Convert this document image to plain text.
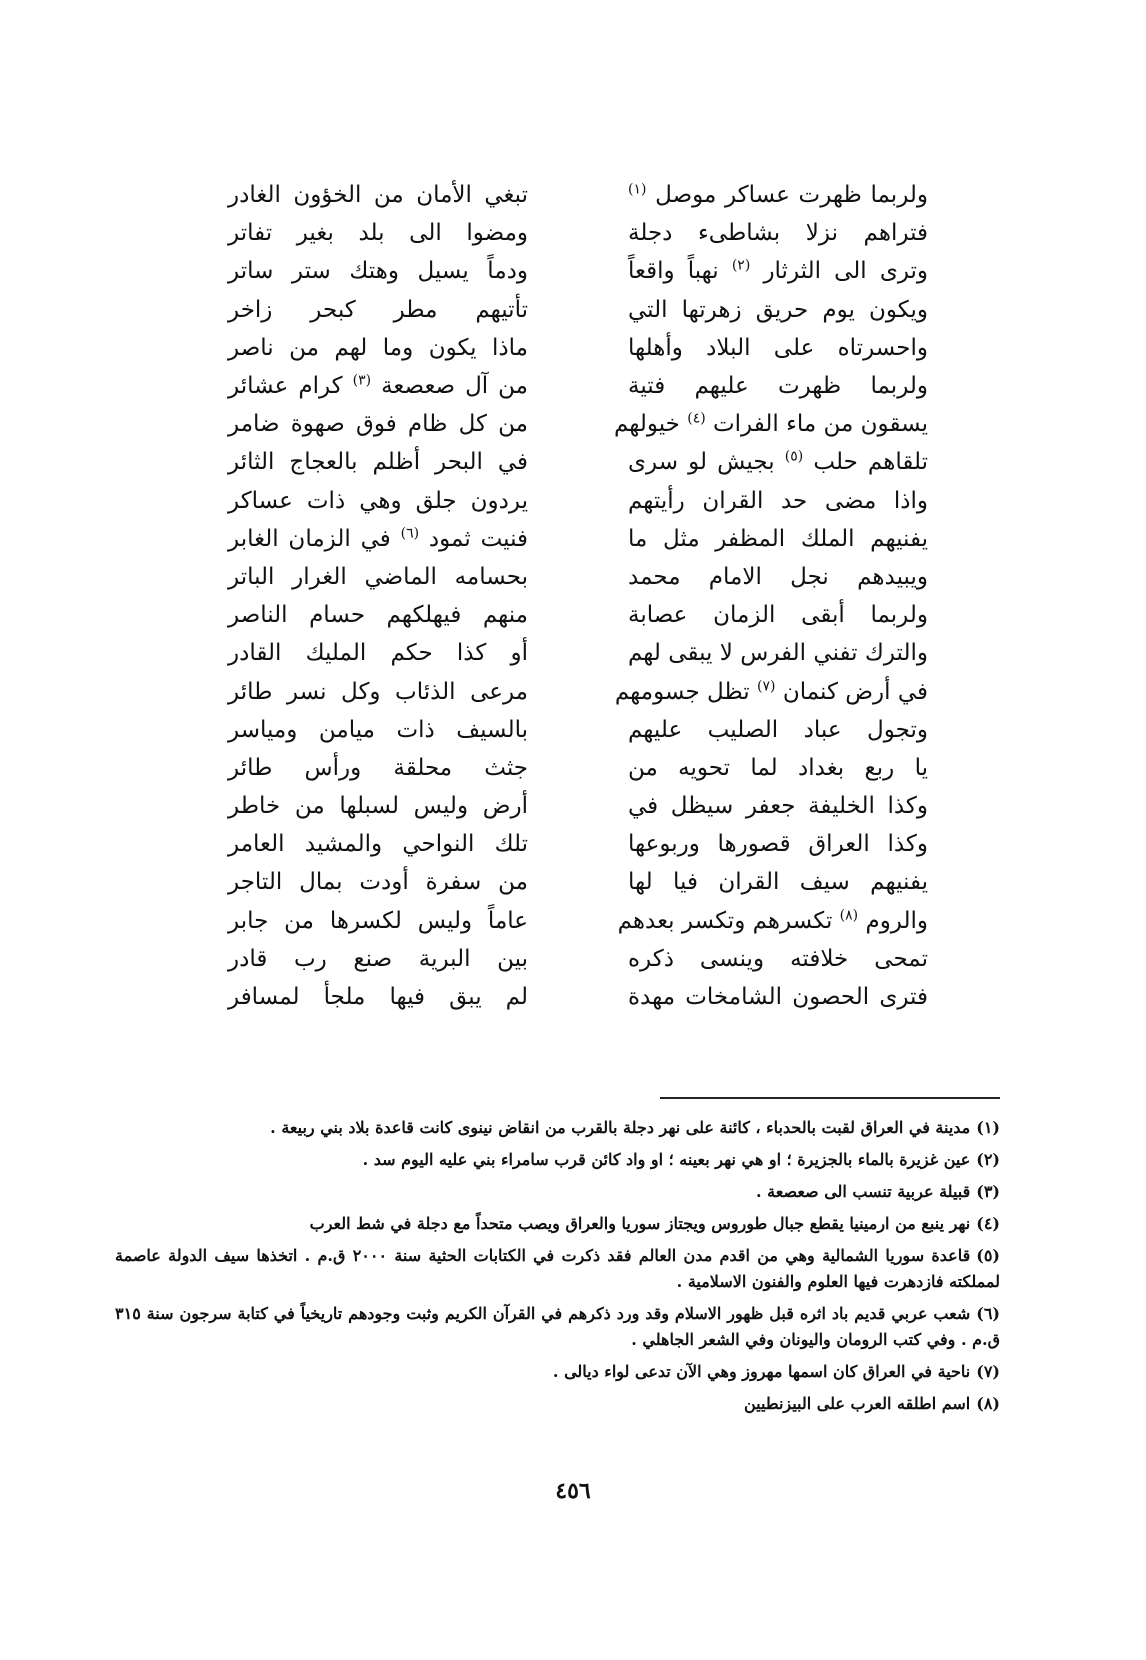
ولربما ظهرت عساكر موصل $^{(١)}$
تبغي الأمان من الخؤون الغادر
فتراهم نزلا بشاطىء دجلة
ومضوا الى بلد بغير تفاتر
وترى الى الثرثار $^{(٢)}$ نهباً واقعاً
ودماً يسيل وهتك ستر ساتر
ويكون يوم حريق زهرتها التي
تأتيهم مطر كبحر زاخر
واحسرتاه على البلاد وأهلها
ماذا يكون وما لهم من ناصر
ولربما ظهرت عليهم فتية
من آل صعصعة $^{(٣)}$ كرام عشائر
يسقون من ماء الفرات $^{(٤)}$ خيولهم
من كل ظام فوق صهوة ضامر
تلقاهم حلب $^{(٥)}$ بجيش لو سرى
في البحر أظلم بالعجاج الثائر
واذا مضى حد القران رأيتهم
يردون جلق وهي ذات عساكر
يفنيهم الملك المظفر مثل ما
فنيت ثمود $^{(٦)}$ في الزمان الغابر
ويبيدهم نجل الامام محمد
بحسامه الماضي الغرار الباتر
ولربما أبقى الزمان عصابة
منهم فيهلكهم حسام الناصر
والترك تفني الفرس لا يبقى لهم
أو كذا حكم المليك القادر
في أرض كنمان $^{(٧)}$ تظل جسومهم
مرعى الذئاب وكل نسر طائر
وتجول عباد الصليب عليهم
بالسيف ذات ميامن ومياسر
يا ربع بغداد لما تحويه من
جثث محلقة ورأس طائر
وكذا الخليفة جعفر سيظل في
أرض وليس لسبلها من خاطر
وكذا العراق قصورها وربوعها
تلك النواحي والمشيد العامر
يفنيهم سيف القران فيا لها
من سفرة أودت بمال التاجر
والروم $^{(٨)}$ تكسرهم وتكسر بعدهم
عاماً وليس لكسرها من جابر
تمحى خلافته وينسى ذكره
بين البرية صنع رب قادر
فترى الحصون الشامخات مهدة
لم يبق فيها ملجأ لمسافر

(١)مدينة في العراق لقبت بالحدباء ، كائنة على نهر دجلة بالقرب من انقاض نينوى كانت قاعدة بلاد بني ربيعة .

(٢)عين غزيرة بالماء بالجزيرة ؛ او هي نهر بعينه ؛ او واد كائن قرب سامراء بني عليه اليوم سد .

(٣)قبيلة عربية تنسب الى صعصعة .

(٤)نهر ينبع من ارمينيا يقطع جبال طوروس ويجتاز سوريا والعراق ويصب متحداً مع دجلة في شط العرب

(٥)قاعدة سوريا الشمالية وهي من اقدم مدن العالم فقد ذكرت في الكتابات الحثية سنة ٢٠٠٠ ق.م . اتخذها سيف الدولة عاصمة لمملكته فازدهرت فيها العلوم والفنون الاسلامية .

(٦)شعب عربي قديم باد اثره قبل ظهور الاسلام وقد ورد ذكرهم في القرآن الكريم وثبت وجودهم تاريخياً في كتابة سرجون سنة ٣١٥ ق.م . وفي كتب الرومان واليونان وفي الشعر الجاهلي .

(٧)ناحية في العراق كان اسمها مهروز وهي الآن تدعى لواء ديالى .

(٨)اسم اطلقه العرب على البيزنطيين

٤٥٦
